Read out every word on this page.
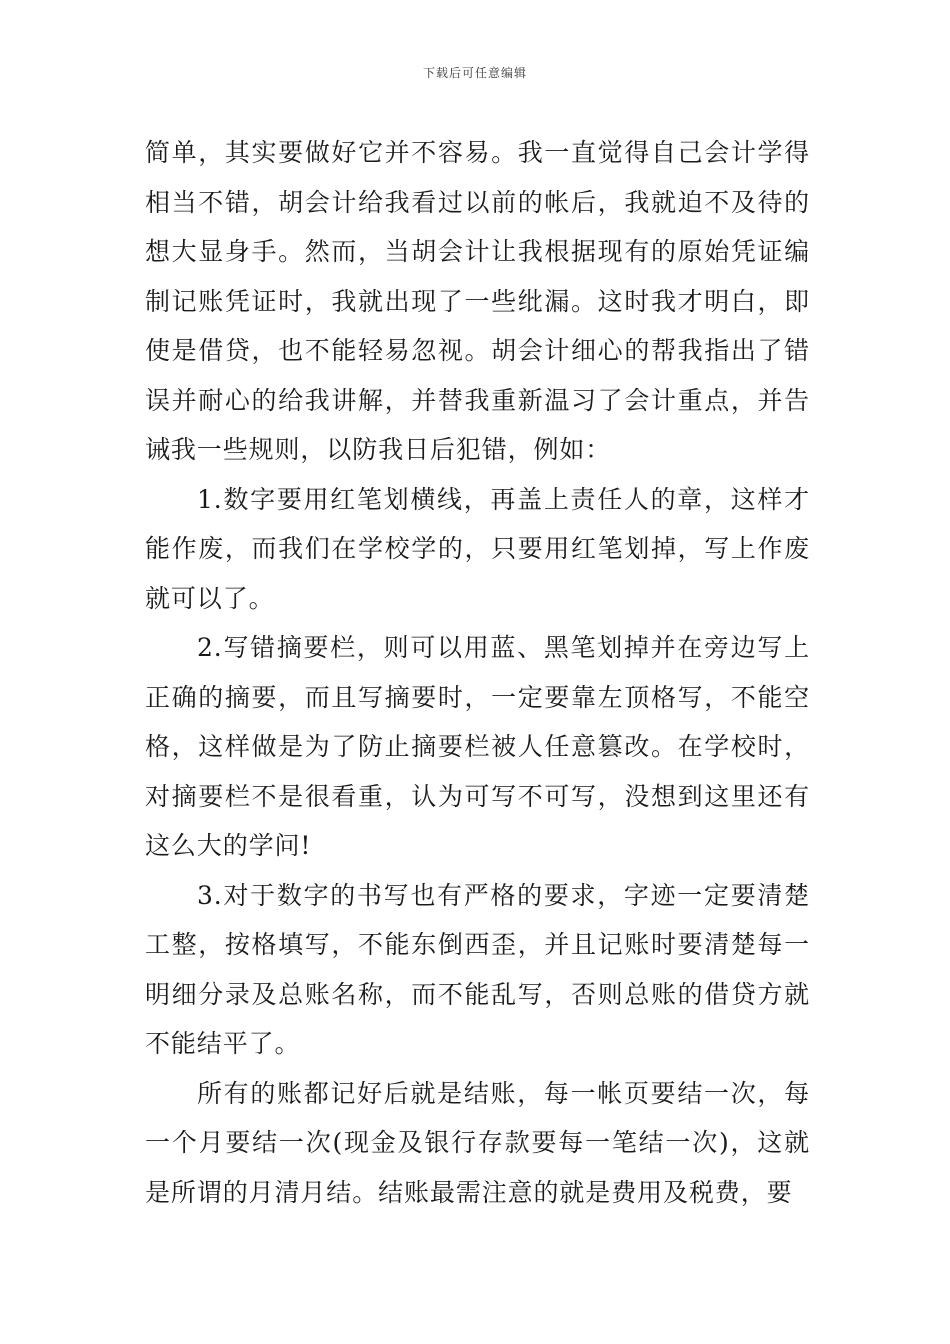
下载后可任意编辑

简单，其实要做好它并不容易。我一直觉得自己会计学得相当不错，胡会计给我看过以前的帐后，我就迫不及待的想大显身手。然而，当胡会计让我根据现有的原始凭证编制记账凭证时，我就出现了一些纰漏。这时我才明白，即使是借贷，也不能轻易忽视。胡会计细心的帮我指出了错误并耐心的给我讲解，并替我重新温习了会计重点，并告诫我一些规则，以防我日后犯错，例如：

1.数字要用红笔划横线，再盖上责任人的章，这样才能作废，而我们在学校学的，只要用红笔划掉，写上作废就可以了。

2.写错摘要栏，则可以用蓝、黑笔划掉并在旁边写上正确的摘要，而且写摘要时，一定要靠左顶格写，不能空格，这样做是为了防止摘要栏被人任意篡改。在学校时，对摘要栏不是很看重，认为可写不可写，没想到这里还有这么大的学问!

3.对于数字的书写也有严格的要求，字迹一定要清楚工整，按格填写，不能东倒西歪，并且记账时要清楚每一明细分录及总账名称，而不能乱写，否则总账的借贷方就不能结平了。

所有的账都记好后就是结账，每一帐页要结一次，每一个月要结一次(现金及银行存款要每一笔结一次)，这就是所谓的月清月结。结账最需注意的就是费用及税费，要
